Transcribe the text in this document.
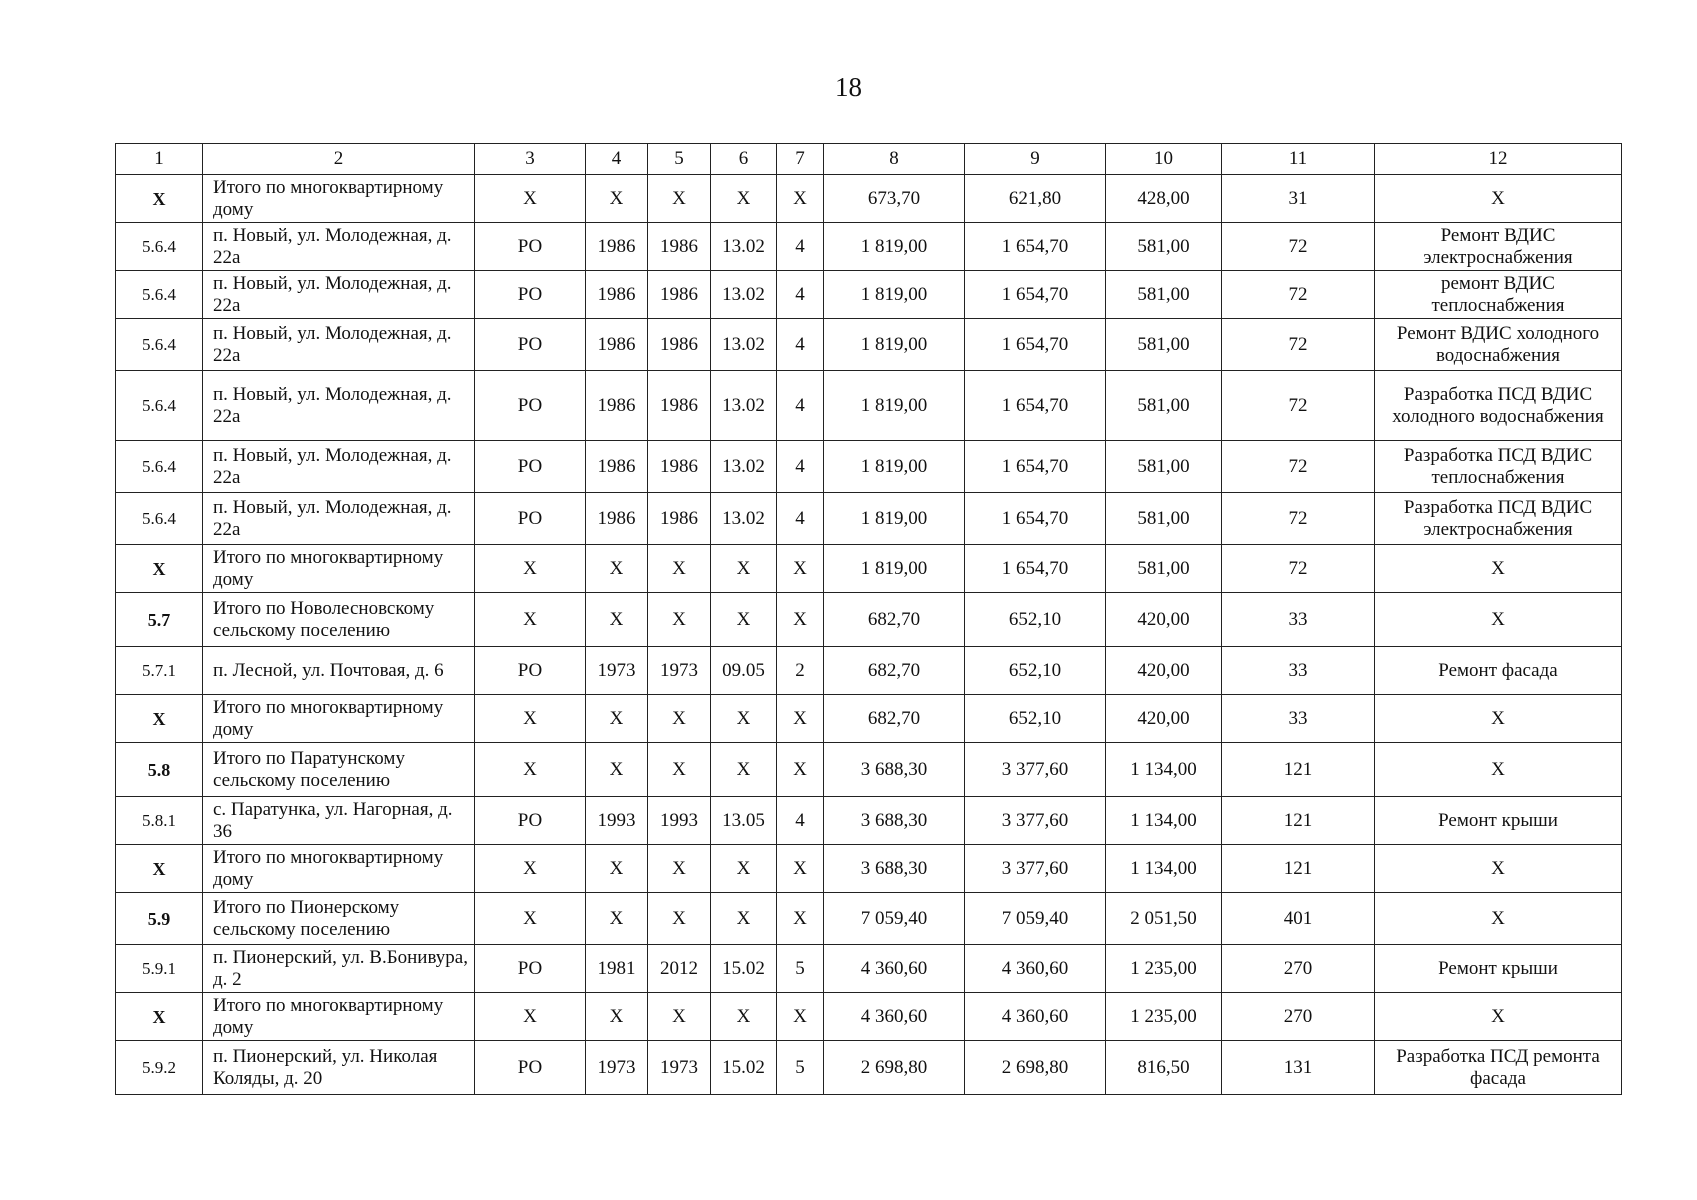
18
1	2	3	4	5	6	7	8	9	10	11	12
Х	Итого по многоквартирному дому	Х	Х	Х	Х	Х	673,70	621,80	428,00	31	Х
5.6.4	п. Новый, ул. Молодежная, д. 22а	РО	1986	1986	13.02	4	1 819,00	1 654,70	581,00	72	Ремонт ВДИС электроснабжения
5.6.4	п. Новый, ул. Молодежная, д. 22а	РО	1986	1986	13.02	4	1 819,00	1 654,70	581,00	72	ремонт ВДИС теплоснабжения
5.6.4	п. Новый, ул. Молодежная, д. 22а	РО	1986	1986	13.02	4	1 819,00	1 654,70	581,00	72	Ремонт ВДИС холодного водоснабжения
5.6.4	п. Новый, ул. Молодежная, д. 22а	РО	1986	1986	13.02	4	1 819,00	1 654,70	581,00	72	Разработка ПСД ВДИС холодного водоснабжения
5.6.4	п. Новый, ул. Молодежная, д. 22а	РО	1986	1986	13.02	4	1 819,00	1 654,70	581,00	72	Разработка ПСД ВДИС теплоснабжения
5.6.4	п. Новый, ул. Молодежная, д. 22а	РО	1986	1986	13.02	4	1 819,00	1 654,70	581,00	72	Разработка ПСД ВДИС электроснабжения
Х	Итого по многоквартирному дому	Х	Х	Х	Х	Х	1 819,00	1 654,70	581,00	72	Х
5.7	Итого по Новолесновскому сельскому поселению	Х	Х	Х	Х	Х	682,70	652,10	420,00	33	Х
5.7.1	п. Лесной, ул. Почтовая, д. 6	РО	1973	1973	09.05	2	682,70	652,10	420,00	33	Ремонт фасада
Х	Итого по многоквартирному дому	Х	Х	Х	Х	Х	682,70	652,10	420,00	33	Х
5.8	Итого по Паратунскому сельскому поселению	Х	Х	Х	Х	Х	3 688,30	3 377,60	1 134,00	121	Х
5.8.1	с. Паратунка, ул. Нагорная, д. 36	РО	1993	1993	13.05	4	3 688,30	3 377,60	1 134,00	121	Ремонт крыши
Х	Итого по многоквартирному дому	Х	Х	Х	Х	Х	3 688,30	3 377,60	1 134,00	121	Х
5.9	Итого по Пионерскому сельскому поселению	Х	Х	Х	Х	Х	7 059,40	7 059,40	2 051,50	401	Х
5.9.1	п. Пионерский, ул. В.Бонивура, д. 2	РО	1981	2012	15.02	5	4 360,60	4 360,60	1 235,00	270	Ремонт крыши
Х	Итого по многоквартирному дому	Х	Х	Х	Х	Х	4 360,60	4 360,60	1 235,00	270	Х
5.9.2	п. Пионерский, ул. Николая Коляды, д. 20	РО	1973	1973	15.02	5	2 698,80	2 698,80	816,50	131	Разработка ПСД ремонта фасада
